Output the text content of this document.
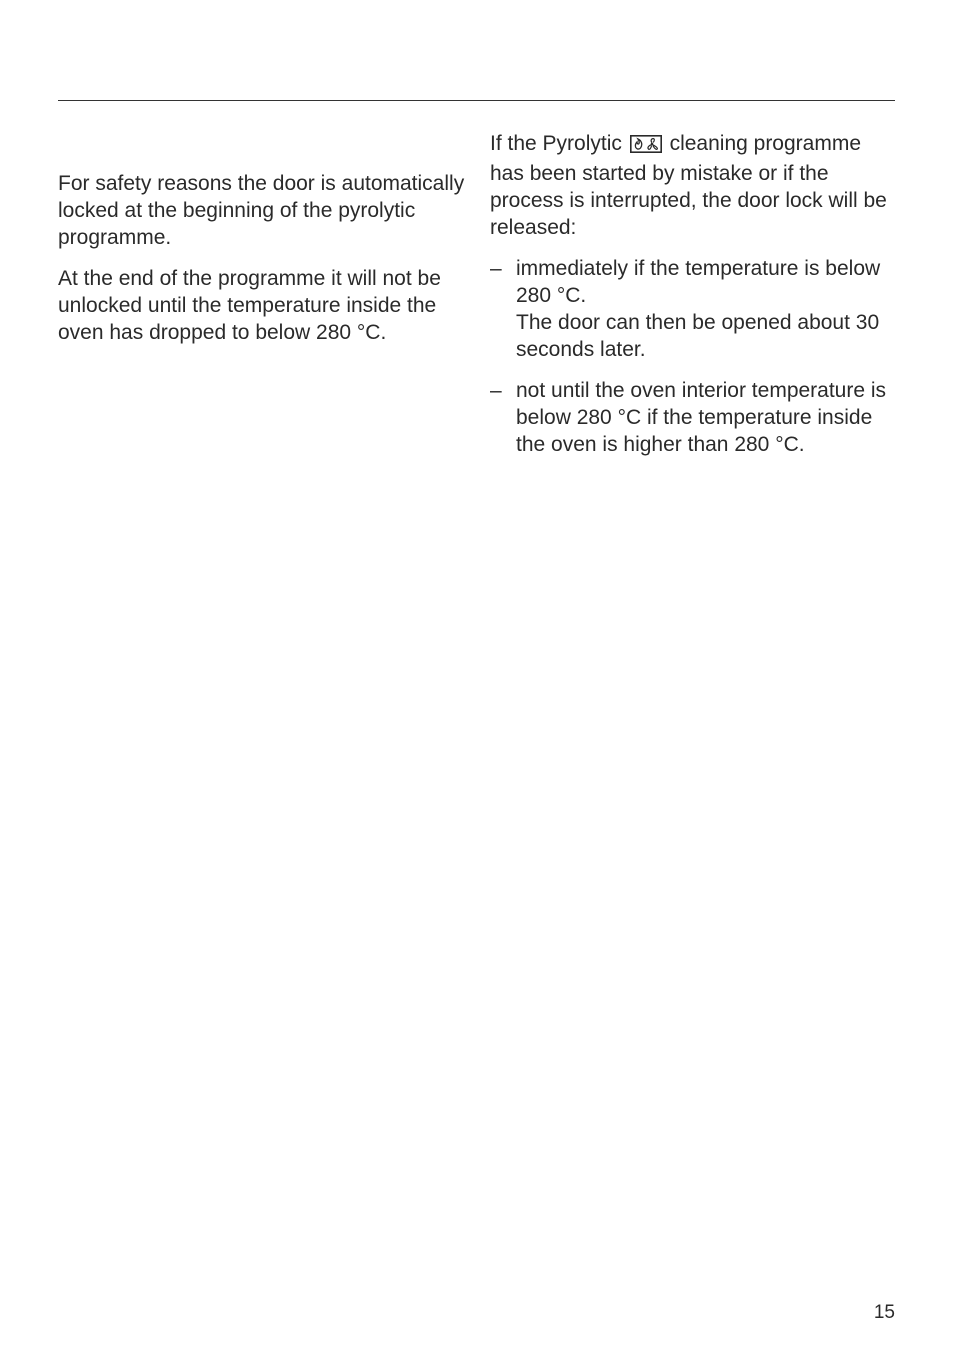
For safety reasons the door is automatically locked at the beginning of the pyrolytic programme.

At the end of the programme it will not be unlocked until the temperature inside the oven has dropped to below 280 °C.

If the Pyrolytic cleaning programme has been started by mistake or if the process is interrupted, the door lock will be released:

– immediately if the temperature is below 280 °C.
The door can then be opened about 30 seconds later.
– not until the oven interior temperature is below 280 °C if the temperature inside the oven is higher than 280 °C.
15
